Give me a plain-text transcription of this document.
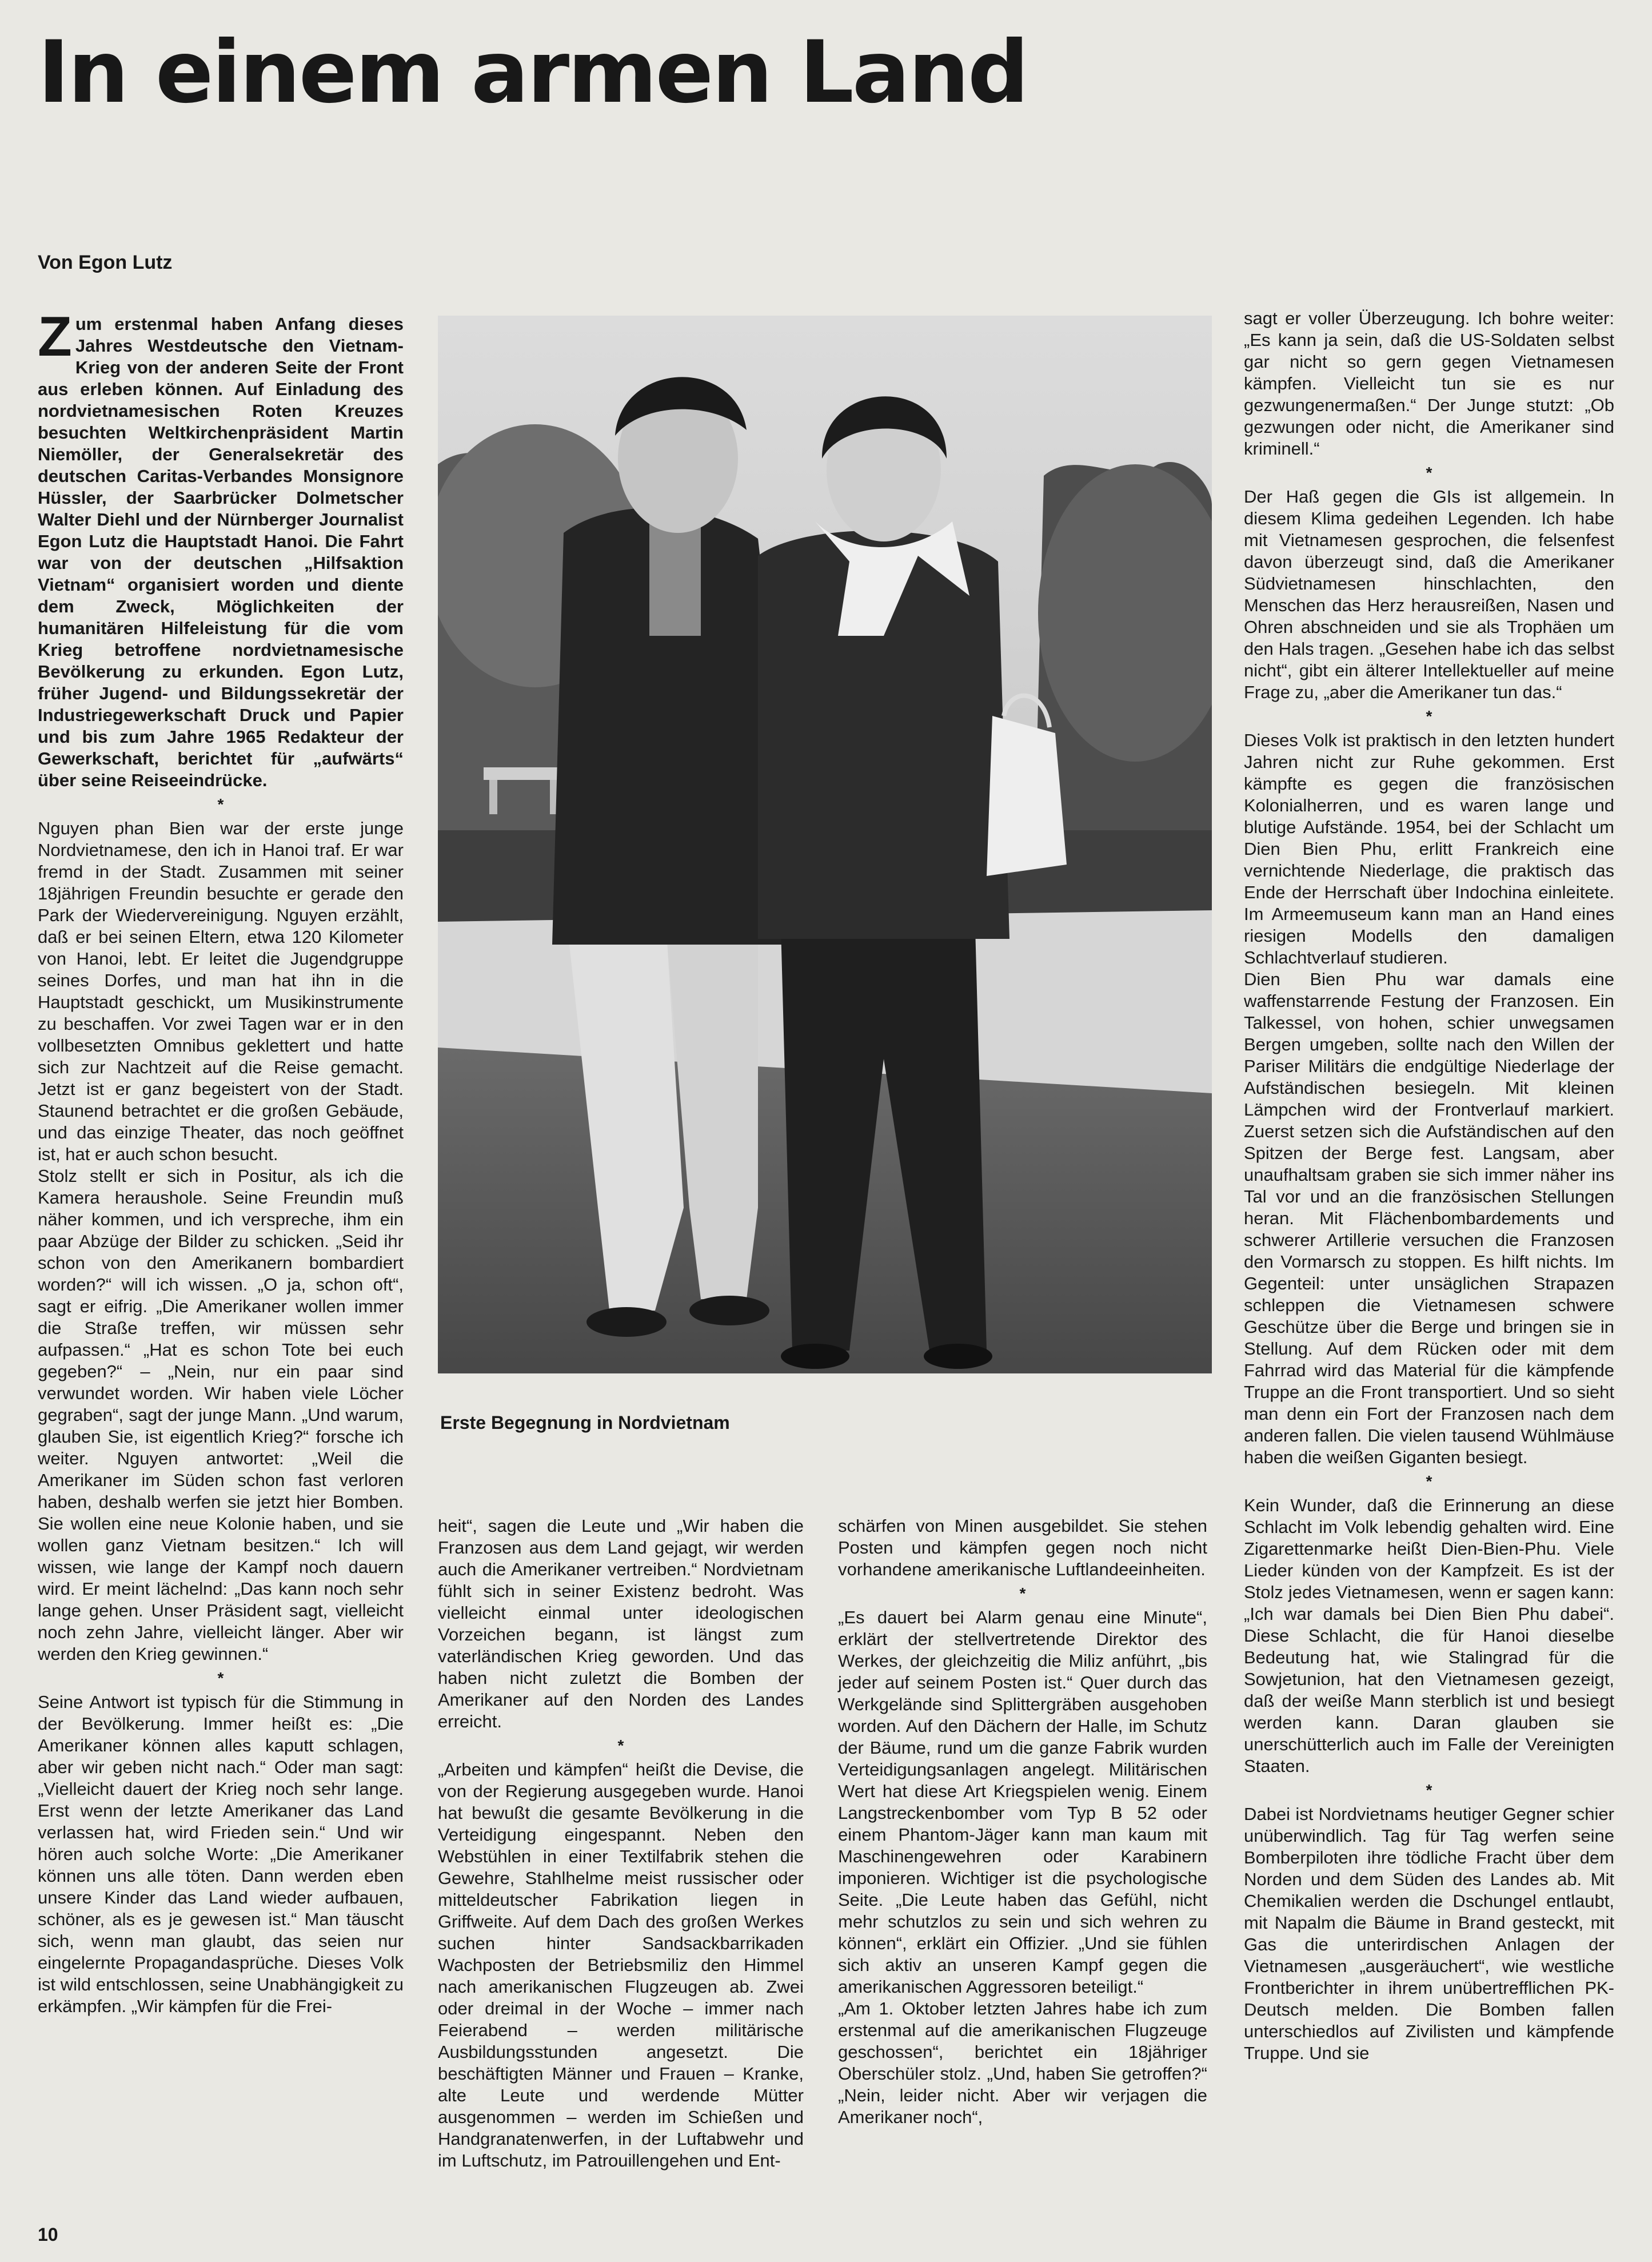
In einem armen Land
Von Egon Lutz

Zum erstenmal haben Anfang dieses Jahres Westdeutsche den Vietnam-Krieg von der anderen Seite der Front aus erleben können. Auf Einladung des nordvietnamesischen Roten Kreuzes besuchten Weltkirchenpräsident Martin Niemöller, der Generalsekretär des deutschen Caritas-Verbandes Monsignore Hüssler, der Saarbrücker Dolmetscher Walter Diehl und der Nürnberger Journalist Egon Lutz die Hauptstadt Hanoi. Die Fahrt war von der deutschen „Hilfsaktion Vietnam“ organisiert worden und diente dem Zweck, Möglichkeiten der humanitären Hilfeleistung für die vom Krieg betroffene nordvietnamesische Bevölkerung zu erkunden. Egon Lutz, früher Jugend- und Bildungssekretär der Industriegewerkschaft Druck und Papier und bis zum Jahre 1965 Redakteur der Gewerkschaft, berichtet für „aufwärts“ über seine Reiseeindrücke.

*

Nguyen phan Bien war der erste junge Nordvietnamese, den ich in Hanoi traf. Er war fremd in der Stadt. Zusammen mit seiner 18jährigen Freundin besuchte er gerade den Park der Wiedervereinigung. Nguyen erzählt, daß er bei seinen Eltern, etwa 120 Kilometer von Hanoi, lebt. Er leitet die Jugendgruppe seines Dorfes, und man hat ihn in die Hauptstadt geschickt, um Musikinstrumente zu beschaffen. Vor zwei Tagen war er in den vollbesetzten Omnibus geklettert und hatte sich zur Nachtzeit auf die Reise gemacht. Jetzt ist er ganz begeistert von der Stadt. Staunend betrachtet er die großen Gebäude, und das einzige Theater, das noch geöffnet ist, hat er auch schon besucht.

Stolz stellt er sich in Positur, als ich die Kamera heraushole. Seine Freundin muß näher kommen, und ich verspreche, ihm ein paar Abzüge der Bilder zu schicken. „Seid ihr schon von den Amerikanern bombardiert worden?“ will ich wissen. „O ja, schon oft“, sagt er eifrig. „Die Amerikaner wollen immer die Straße treffen, wir müssen sehr aufpassen.“ „Hat es schon Tote bei euch gegeben?“ – „Nein, nur ein paar sind verwundet worden. Wir haben viele Löcher gegraben“, sagt der junge Mann. „Und warum, glauben Sie, ist eigentlich Krieg?“ forsche ich weiter. Nguyen antwortet: „Weil die Amerikaner im Süden schon fast verloren haben, deshalb werfen sie jetzt hier Bomben. Sie wollen eine neue Kolonie haben, und sie wollen ganz Vietnam besitzen.“ Ich will wissen, wie lange der Kampf noch dauern wird. Er meint lächelnd: „Das kann noch sehr lange gehen. Unser Präsident sagt, vielleicht noch zehn Jahre, vielleicht länger. Aber wir werden den Krieg gewinnen.“

*

Seine Antwort ist typisch für die Stimmung in der Bevölkerung. Immer heißt es: „Die Amerikaner können alles kaputt schlagen, aber wir geben nicht nach.“ Oder man sagt: „Vielleicht dauert der Krieg noch sehr lange. Erst wenn der letzte Amerikaner das Land verlassen hat, wird Frieden sein.“ Und wir hören auch solche Worte: „Die Amerikaner können uns alle töten. Dann werden eben unsere Kinder das Land wieder aufbauen, schöner, als es je gewesen ist.“ Man täuscht sich, wenn man glaubt, das seien nur eingelernte Propagandasprüche. Dieses Volk ist wild entschlossen, seine Unabhängigkeit zu erkämpfen. „Wir kämpfen für die Frei-

Erste Begegnung in Nordvietnam

heit“, sagen die Leute und „Wir haben die Franzosen aus dem Land gejagt, wir werden auch die Amerikaner vertreiben.“ Nordvietnam fühlt sich in seiner Existenz bedroht. Was vielleicht einmal unter ideologischen Vorzeichen begann, ist längst zum vaterländischen Krieg geworden. Und das haben nicht zuletzt die Bomben der Amerikaner auf den Norden des Landes erreicht.

*

„Arbeiten und kämpfen“ heißt die Devise, die von der Regierung ausgegeben wurde. Hanoi hat bewußt die gesamte Bevölkerung in die Verteidigung eingespannt. Neben den Webstühlen in einer Textilfabrik stehen die Gewehre, Stahlhelme meist russischer oder mitteldeutscher Fabrikation liegen in Griffweite. Auf dem Dach des großen Werkes suchen hinter Sandsackbarrikaden Wachposten der Betriebsmiliz den Himmel nach amerikanischen Flugzeugen ab. Zwei oder dreimal in der Woche – immer nach Feierabend – werden militärische Ausbildungsstunden angesetzt. Die beschäftigten Männer und Frauen – Kranke, alte Leute und werdende Mütter ausgenommen – werden im Schießen und Handgranatenwerfen, in der Luftabwehr und im Luftschutz, im Patrouillengehen und Ent-

schärfen von Minen ausgebildet. Sie stehen Posten und kämpfen gegen noch nicht vorhandene amerikanische Luftlandeeinheiten.

*

„Es dauert bei Alarm genau eine Minute“, erklärt der stellvertretende Direktor des Werkes, der gleichzeitig die Miliz anführt, „bis jeder auf seinem Posten ist.“ Quer durch das Werkgelände sind Splittergräben ausgehoben worden. Auf den Dächern der Halle, im Schutz der Bäume, rund um die ganze Fabrik wurden Verteidigungsanlagen angelegt. Militärischen Wert hat diese Art Kriegspielen wenig. Einem Langstreckenbomber vom Typ B 52 oder einem Phantom-Jäger kann man kaum mit Maschinengewehren oder Karabinern imponieren. Wichtiger ist die psychologische Seite. „Die Leute haben das Gefühl, nicht mehr schutzlos zu sein und sich wehren zu können“, erklärt ein Offizier. „Und sie fühlen sich aktiv an unseren Kampf gegen die amerikanischen Aggressoren beteiligt.“

„Am 1. Oktober letzten Jahres habe ich zum erstenmal auf die amerikanischen Flugzeuge geschossen“, berichtet ein 18jähriger Oberschüler stolz. „Und, haben Sie getroffen?“ „Nein, leider nicht. Aber wir verjagen die Amerikaner noch“,

sagt er voller Überzeugung. Ich bohre weiter: „Es kann ja sein, daß die US-Soldaten selbst gar nicht so gern gegen Vietnamesen kämpfen. Vielleicht tun sie es nur gezwungenermaßen.“ Der Junge stutzt: „Ob gezwungen oder nicht, die Amerikaner sind kriminell.“

*

Der Haß gegen die GIs ist allgemein. In diesem Klima gedeihen Legenden. Ich habe mit Vietnamesen gesprochen, die felsenfest davon überzeugt sind, daß die Amerikaner Südvietnamesen hinschlachten, den Menschen das Herz herausreißen, Nasen und Ohren abschneiden und sie als Trophäen um den Hals tragen. „Gesehen habe ich das selbst nicht“, gibt ein älterer Intellektueller auf meine Frage zu, „aber die Amerikaner tun das.“

*

Dieses Volk ist praktisch in den letzten hundert Jahren nicht zur Ruhe gekommen. Erst kämpfte es gegen die französischen Kolonialherren, und es waren lange und blutige Aufstände. 1954, bei der Schlacht um Dien Bien Phu, erlitt Frankreich eine vernichtende Niederlage, die praktisch das Ende der Herrschaft über Indochina einleitete. Im Armeemuseum kann man an Hand eines riesigen Modells den damaligen Schlachtverlauf studieren.

Dien Bien Phu war damals eine waffenstarrende Festung der Franzosen. Ein Talkessel, von hohen, schier unwegsamen Bergen umgeben, sollte nach den Willen der Pariser Militärs die endgültige Niederlage der Aufständischen besiegeln. Mit kleinen Lämpchen wird der Frontverlauf markiert. Zuerst setzen sich die Aufständischen auf den Spitzen der Berge fest. Langsam, aber unaufhaltsam graben sie sich immer näher ins Tal vor und an die französischen Stellungen heran. Mit Flächenbombardements und schwerer Artillerie versuchen die Franzosen den Vormarsch zu stoppen. Es hilft nichts. Im Gegenteil: unter unsäglichen Strapazen schleppen die Vietnamesen schwere Geschütze über die Berge und bringen sie in Stellung. Auf dem Rücken oder mit dem Fahrrad wird das Material für die kämpfende Truppe an die Front transportiert. Und so sieht man denn ein Fort der Franzosen nach dem anderen fallen. Die vielen tausend Wühlmäuse haben die weißen Giganten besiegt.

*

Kein Wunder, daß die Erinnerung an diese Schlacht im Volk lebendig gehalten wird. Eine Zigarettenmarke heißt Dien-Bien-Phu. Viele Lieder künden von der Kampfzeit. Es ist der Stolz jedes Vietnamesen, wenn er sagen kann: „Ich war damals bei Dien Bien Phu dabei“. Diese Schlacht, die für Hanoi dieselbe Bedeutung hat, wie Stalingrad für die Sowjetunion, hat den Vietnamesen gezeigt, daß der weiße Mann sterblich ist und besiegt werden kann. Daran glauben sie unerschütterlich auch im Falle der Vereinigten Staaten.

*

Dabei ist Nordvietnams heutiger Gegner schier unüberwindlich. Tag für Tag werfen seine Bomberpiloten ihre tödliche Fracht über dem Norden und dem Süden des Landes ab. Mit Chemikalien werden die Dschungel entlaubt, mit Napalm die Bäume in Brand gesteckt, mit Gas die unterirdischen Anlagen der Vietnamesen „ausgeräuchert“, wie westliche Frontberichter in ihrem unübertrefflichen PK-Deutsch melden. Die Bomben fallen unterschiedlos auf Zivilisten und kämpfende Truppe. Und sie

10
